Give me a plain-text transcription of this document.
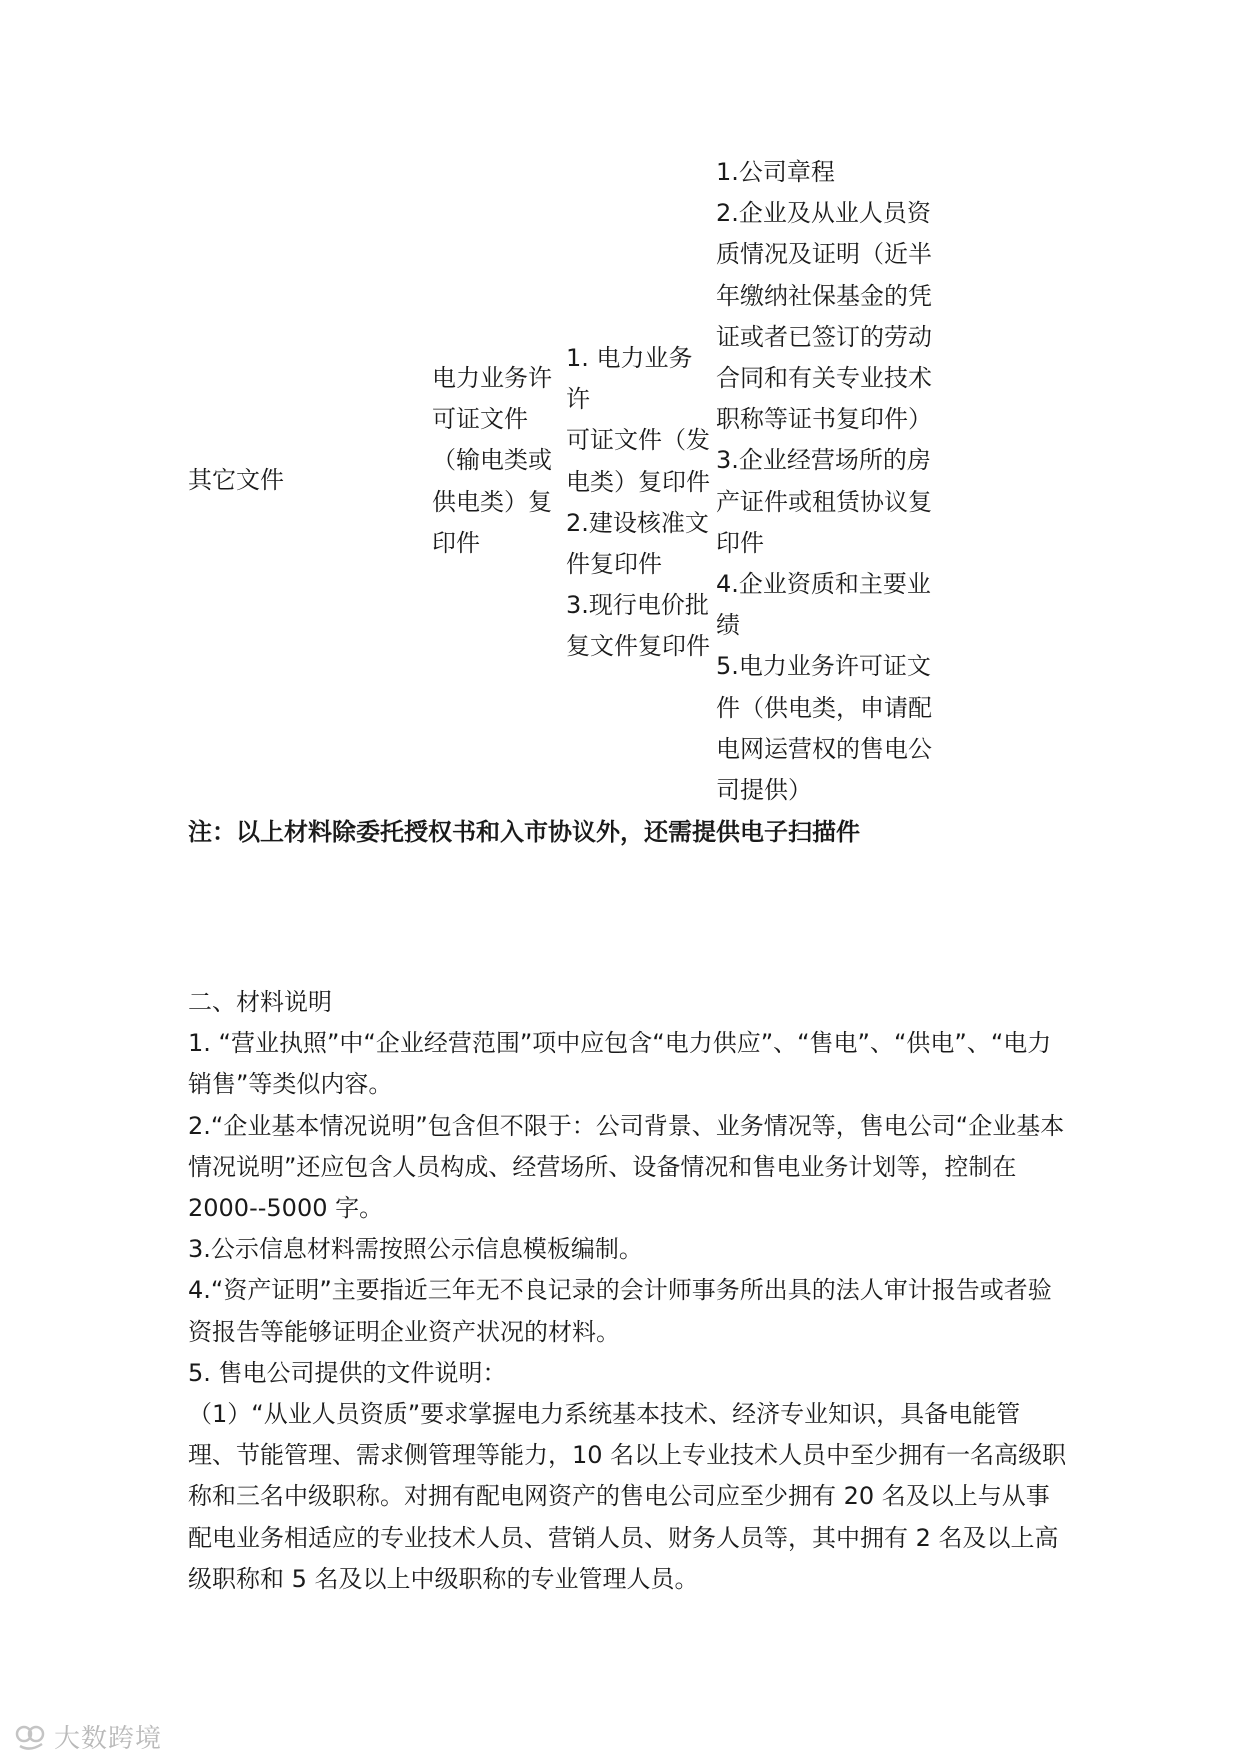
其它文件
电力业务许
可证文件
（输电类或
供电类）复
印件
1. 电力业务许
可证文件（发
电类）复印件
2.建设核准文
件复印件
3.现行电价批
复文件复印件
1.公司章程
2.企业及从业人员资
质情况及证明（近半
年缴纳社保基金的凭
证或者已签订的劳动
合同和有关专业技术
职称等证书复印件）
3.企业经营场所的房
产证件或租赁协议复
印件
4.企业资质和主要业
绩
5.电力业务许可证文
件（供电类，申请配
电网运营权的售电公
司提供）
注：以上材料除委托授权书和入市协议外，还需提供电子扫描件

二、材料说明

1. “营业执照”中“企业经营范围”项中应包含“电力供应”、“售电”、“供电”、“电力销售”等类似内容。

2.“企业基本情况说明”包含但不限于：公司背景、业务情况等，售电公司“企业基本情况说明”还应包含人员构成、经营场所、设备情况和售电业务计划等，控制在 2000--5000 字。

3.公示信息材料需按照公示信息模板编制。

4.“资产证明”主要指近三年无不良记录的会计师事务所出具的法人审计报告或者验资报告等能够证明企业资产状况的材料。

5. 售电公司提供的文件说明：

（1）“从业人员资质”要求掌握电力系统基本技术、经济专业知识，具备电能管理、节能管理、需求侧管理等能力，10 名以上专业技术人员中至少拥有一名高级职称和三名中级职称。对拥有配电网资产的售电公司应至少拥有 20 名及以上与从事配电业务相适应的专业技术人员、营销人员、财务人员等，其中拥有 2 名及以上高级职称和 5 名及以上中级职称的专业管理人员。

大数跨境
